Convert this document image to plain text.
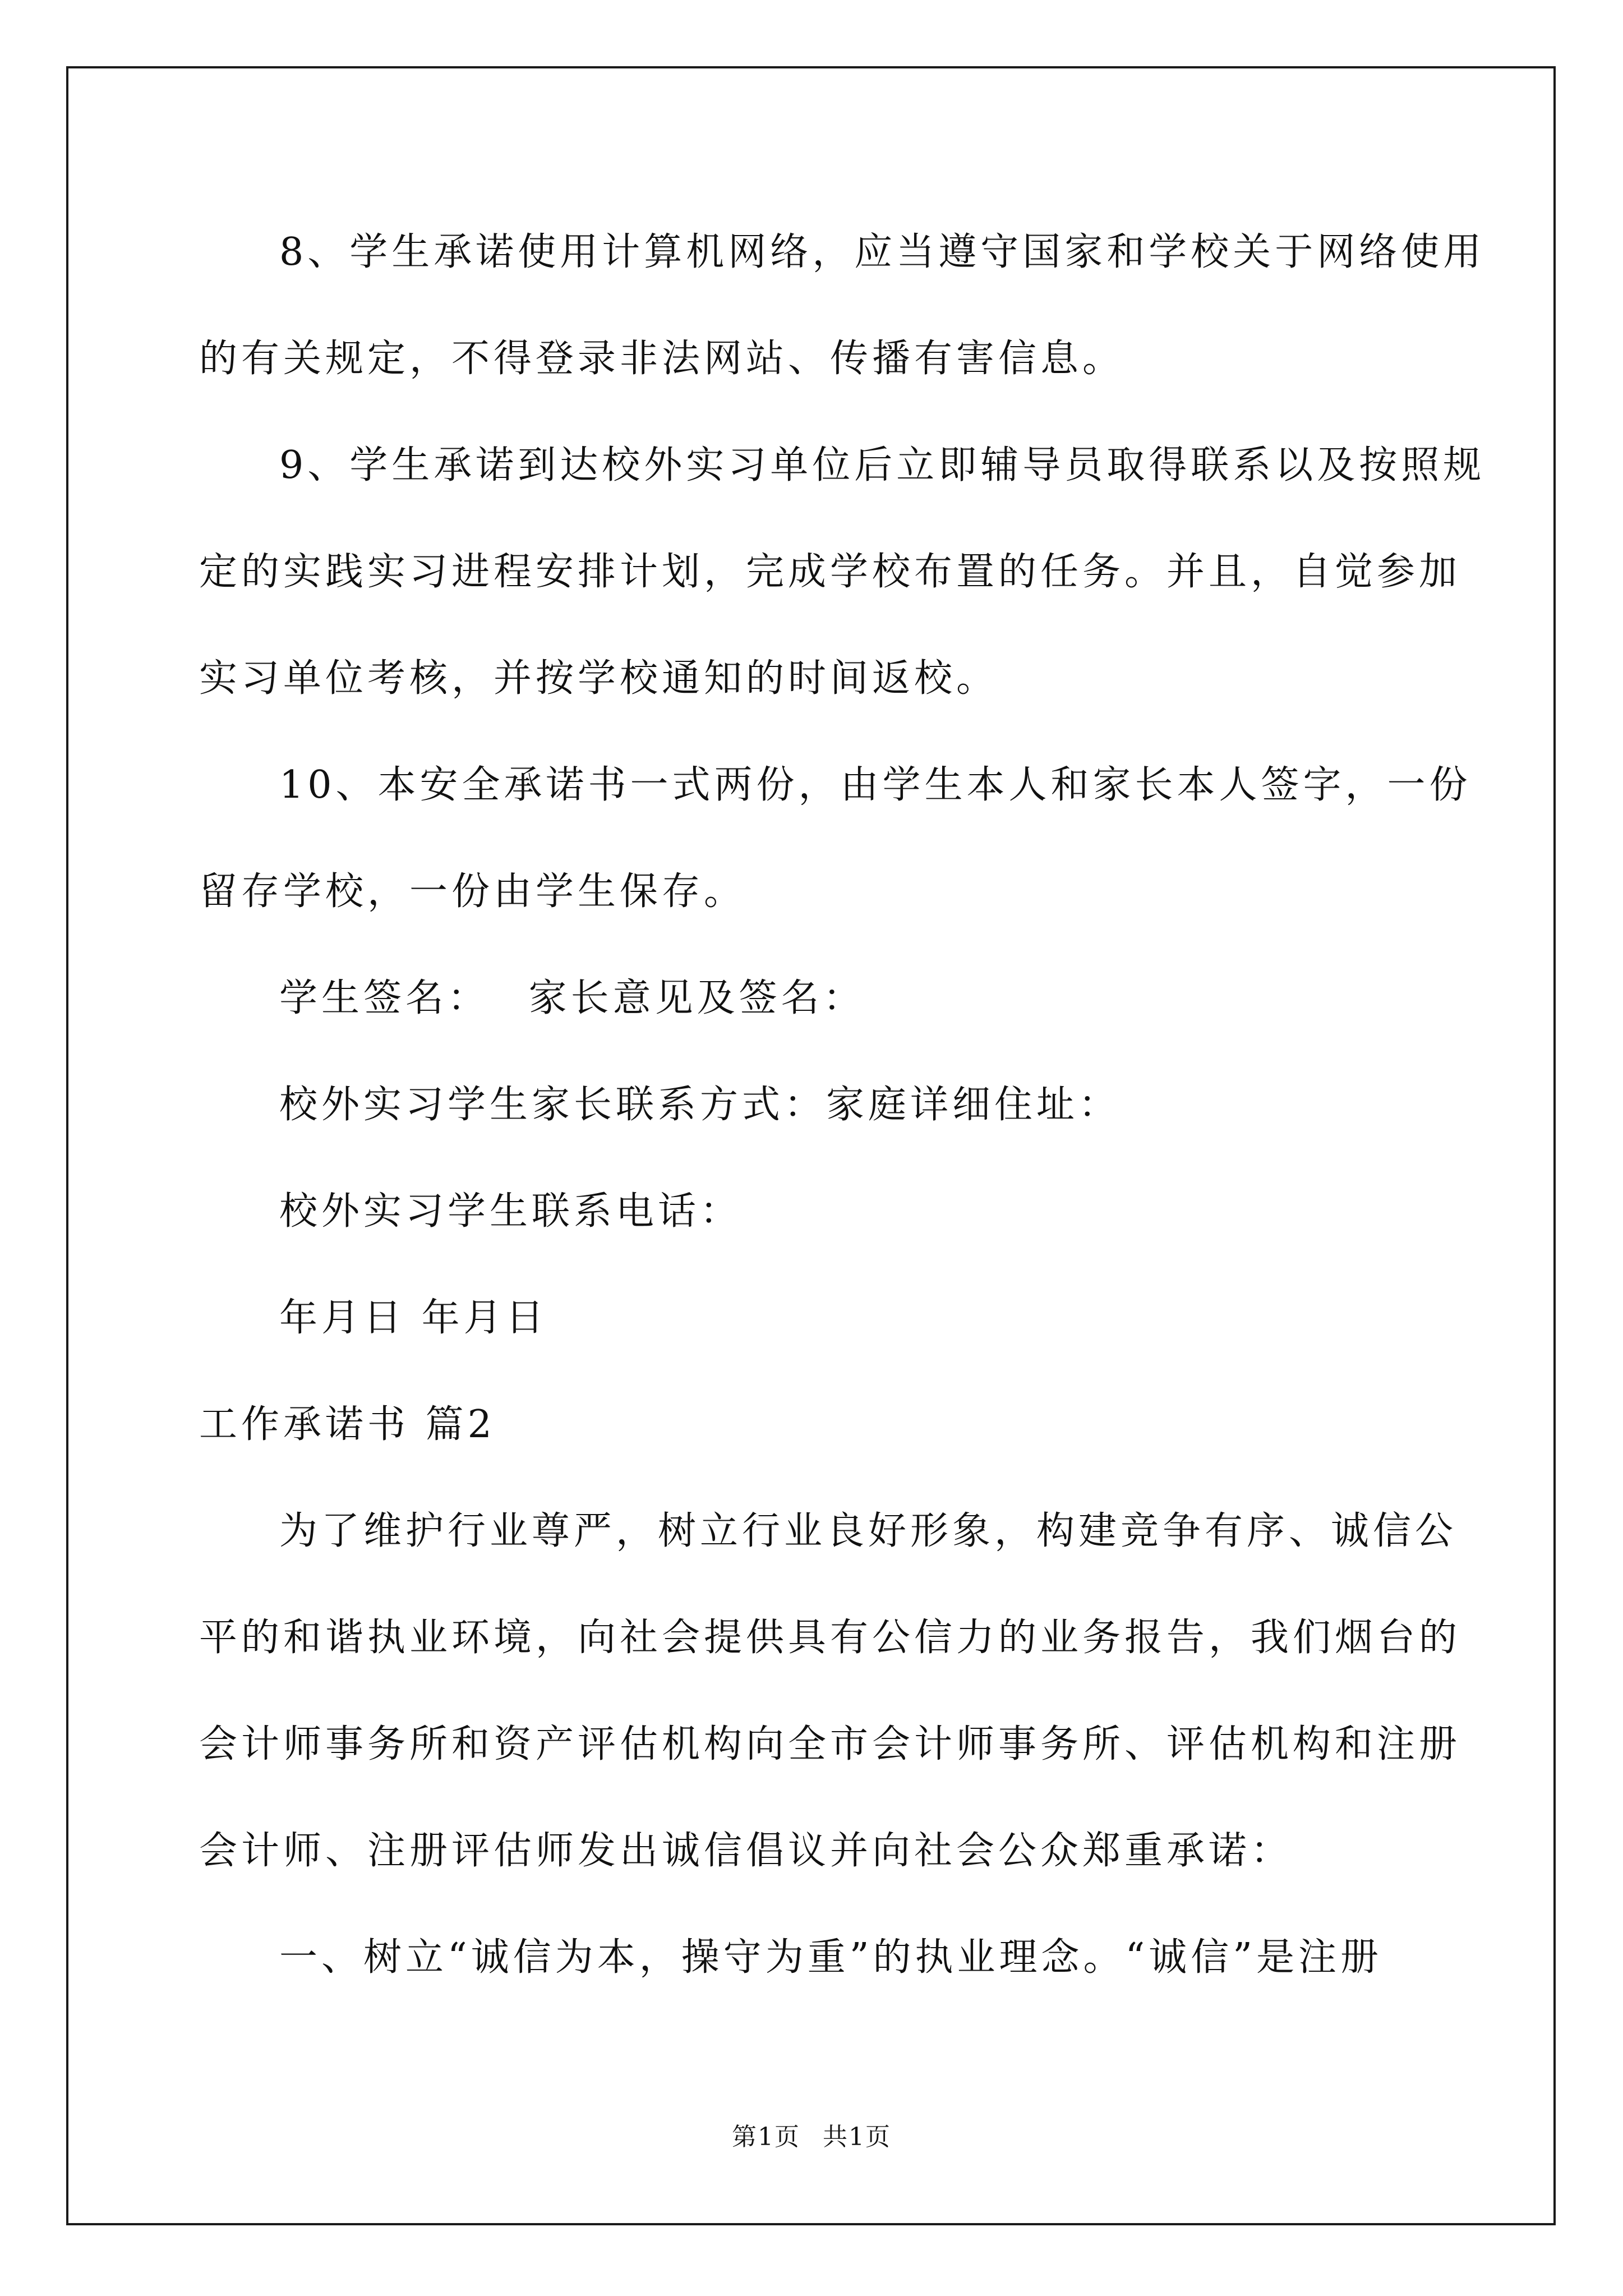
8、学生承诺使用计算机网络，应当遵守国家和学校关于网络使用
的有关规定，不得登录非法网站、传播有害信息。
9、学生承诺到达校外实习单位后立即辅导员取得联系以及按照规
定的实践实习进程安排计划，完成学校布置的任务。并且，自觉参加
实习单位考核，并按学校通知的时间返校。
10、本安全承诺书一式两份，由学生本人和家长本人签字，一份
留存学校，一份由学生保存。
学生签名：　 家长意见及签名：
校外实习学生家长联系方式：家庭详细住址：
校外实习学生联系电话：
年月日 年月日
工作承诺书 篇2
为了维护行业尊严，树立行业良好形象，构建竞争有序、诚信公
平的和谐执业环境，向社会提供具有公信力的业务报告，我们烟台的
会计师事务所和资产评估机构向全市会计师事务所、评估机构和注册
会计师、注册评估师发出诚信倡议并向社会公众郑重承诺：
一、树立“诚信为本，操守为重”的执业理念。“诚信”是注册
第1页 共1页
